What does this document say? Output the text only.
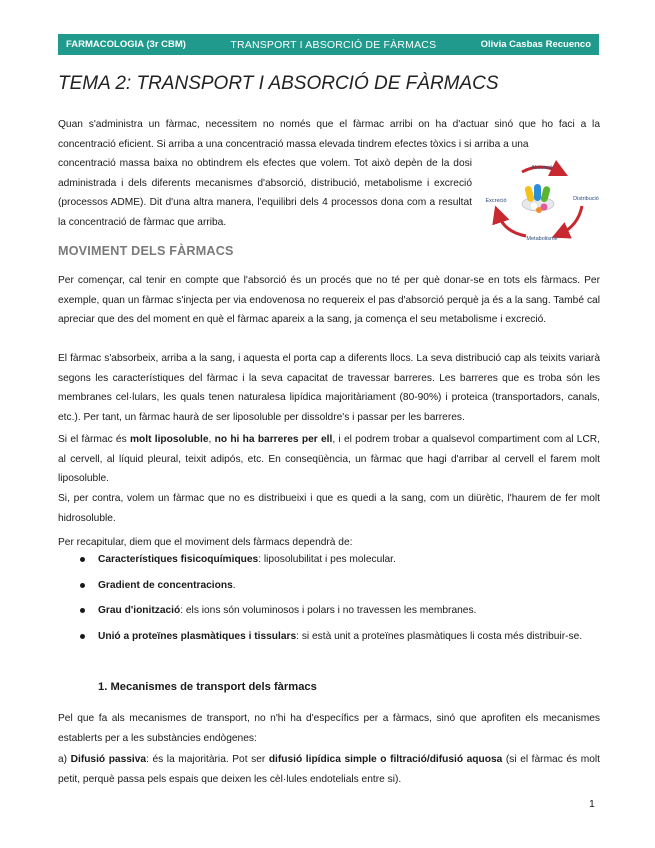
FARMACOLOGIA (3r CBM)	TRANSPORT I ABSORCIÓ DE FÀRMACS	Olivia Casbas Recuenco
TEMA 2: TRANSPORT I ABSORCIÓ DE FÀRMACS

Quan s'administra un fàrmac, necessitem no només que el fàrmac arribi on ha d'actuar sinó que ho faci a la concentració eficient. Si arriba a una concentració massa elevada tindrem efectes tòxics i si arriba a una

concentració massa baixa no obtindrem els efectes que volem. Tot això depèn de la dosi administrada i dels diferents mecanismes d'absorció, distribució, metabolisme i excreció (processos ADME). Dit d'una altra manera, l'equilibri dels 4 processos dona com a resultat la concentració de fàrmac que arriba.

Absorció
Distribució
Excreció
Metabolisme
MOVIMENT DELS FÀRMACS

Per començar, cal tenir en compte que l'absorció és un procés que no té per què donar-se en tots els fàrmacs. Per exemple, quan un fàrmac s'injecta per via endovenosa no requereix el pas d'absorció perquè ja és a la sang. També cal apreciar que des del moment en què el fàrmac apareix a la sang, ja comença el seu metabolisme i excreció.

El fàrmac s'absorbeix, arriba a la sang, i aquesta el porta cap a diferents llocs. La seva distribució cap als teixits variarà segons les característiques del fàrmac i la seva capacitat de travessar barreres. Les barreres que es troba són les membranes cel·lulars, les quals tenen naturalesa lipídica majoritàriament (80-90%) i proteica (transportadors, canals, etc.). Per tant, un fàrmac haurà de ser liposoluble per dissoldre's i passar per les barreres.

Si el fàrmac és molt liposoluble, no hi ha barreres per ell, i el podrem trobar a qualsevol compartiment com al LCR, al cervell, al líquid pleural, teixit adipós, etc. En conseqüència, un fàrmac que hagi d'arribar al cervell el farem molt liposoluble.

Si, per contra, volem un fàrmac que no es distribueixi i que es quedi a la sang, com un diürètic, l'haurem de fer molt hidrosoluble.

Per recapitular, diem que el moviment dels fàrmacs dependrà de:

Característiques fisicoquímiques: liposolubilitat i pes molecular.
Gradient de concentracions.
Grau d'ionització: els ions són voluminosos i polars i no travessen les membranes.
Unió a proteïnes plasmàtiques i tissulars: si està unit a proteïnes plasmàtiques li costa més distribuir-se.
1. Mecanismes de transport dels fàrmacs

Pel que fa als mecanismes de transport, no n'hi ha d'específics per a fàrmacs, sinó que aprofiten els mecanismes establerts per a les substàncies endògenes:

a) Difusió passiva: és la majoritària. Pot ser difusió lipídica simple o filtració/difusió aquosa (si el fàrmac és molt petit, perquè passa pels espais que deixen les cèl·lules endotelials entre si).

1
